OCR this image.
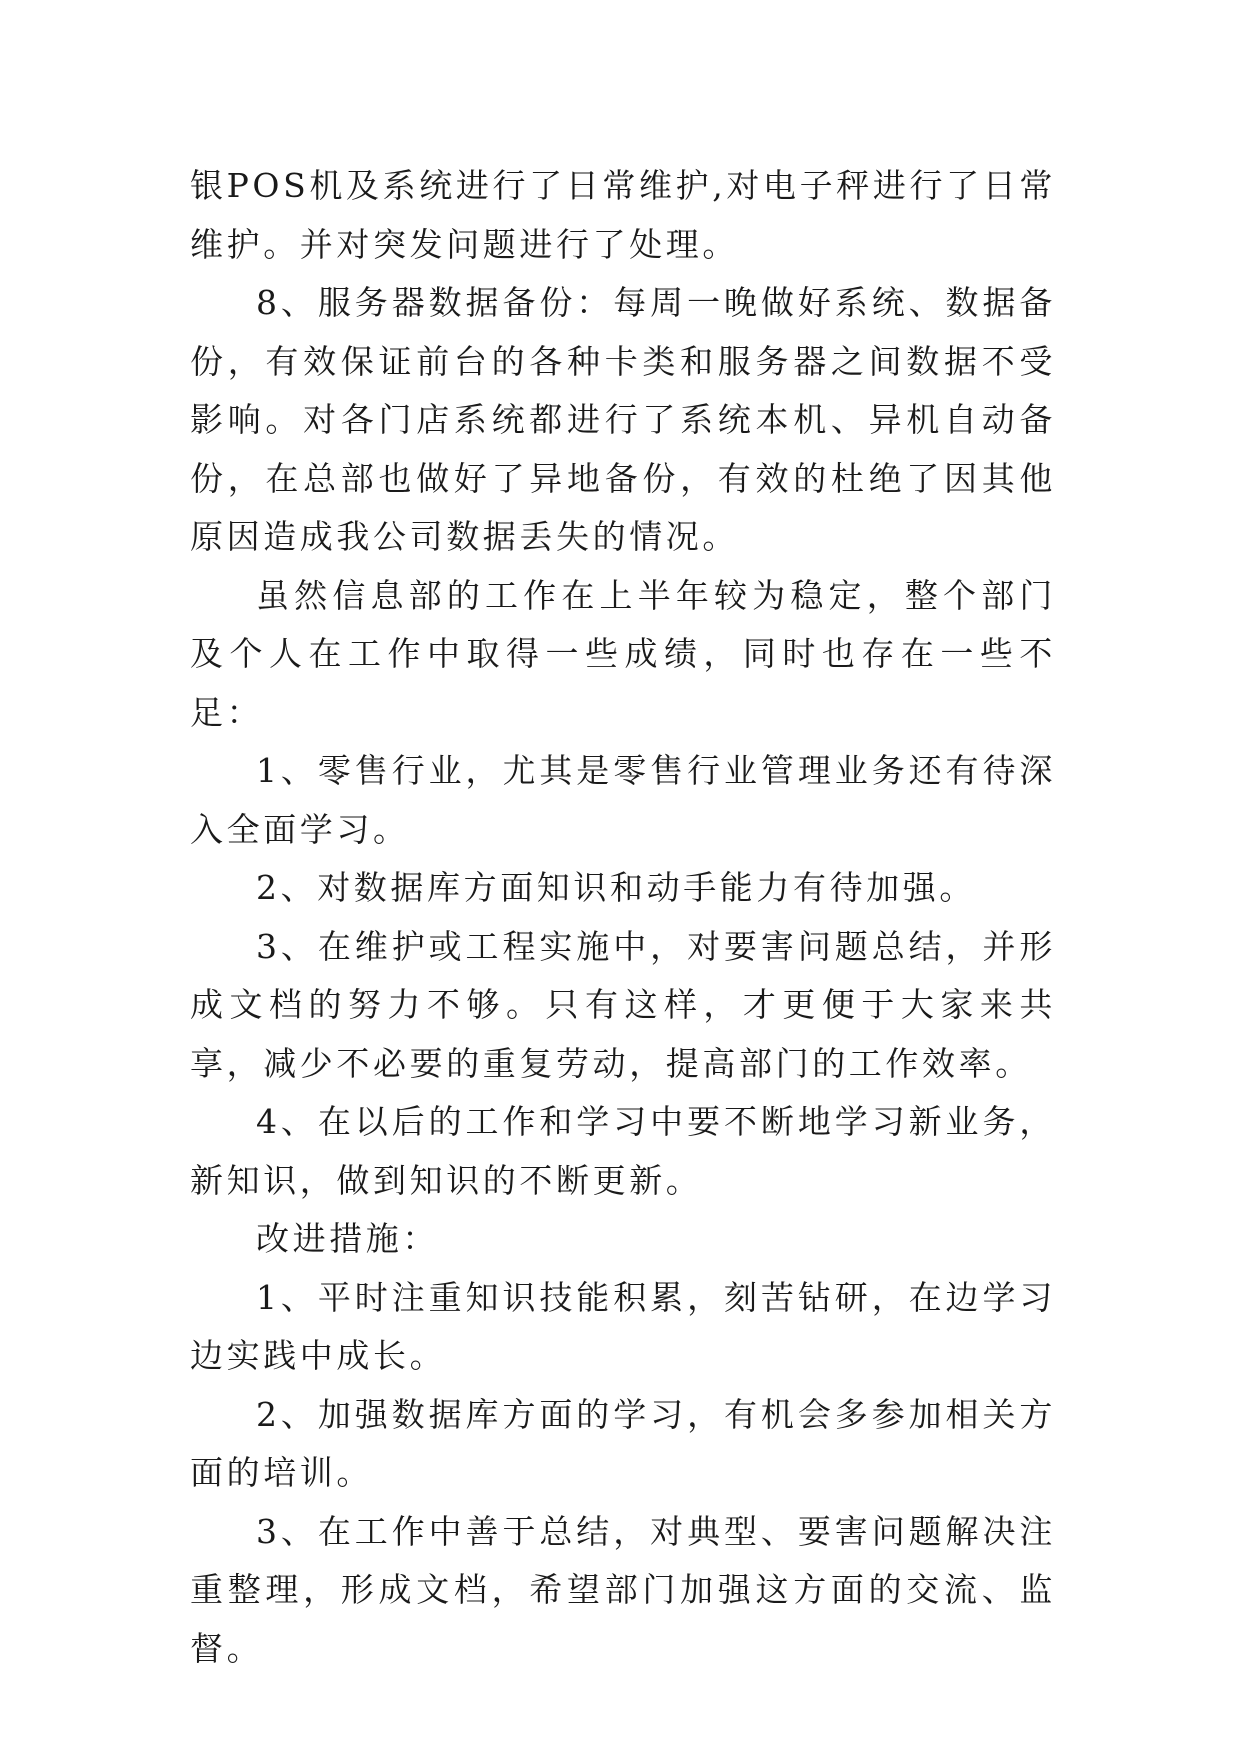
银POS机及系统进行了日常维护,对电子秤进行了日常维护。并对突发问题进行了处理。

8、服务器数据备份：每周一晚做好系统、数据备份，有效保证前台的各种卡类和服务器之间数据不受影响。对各门店系统都进行了系统本机、异机自动备份，在总部也做好了异地备份，有效的杜绝了因其他原因造成我公司数据丢失的情况。

虽然信息部的工作在上半年较为稳定，整个部门及个人在工作中取得一些成绩，同时也存在一些不足：

1、零售行业，尤其是零售行业管理业务还有待深入全面学习。

2、对数据库方面知识和动手能力有待加强。

3、在维护或工程实施中，对要害问题总结，并形成文档的努力不够。只有这样，才更便于大家来共享，减少不必要的重复劳动，提高部门的工作效率。

4、在以后的工作和学习中要不断地学习新业务，新知识，做到知识的不断更新。

改进措施：

1、平时注重知识技能积累，刻苦钻研，在边学习边实践中成长。

2、加强数据库方面的学习，有机会多参加相关方面的培训。

3、在工作中善于总结，对典型、要害问题解决注重整理，形成文档，希望部门加强这方面的交流、监督。
